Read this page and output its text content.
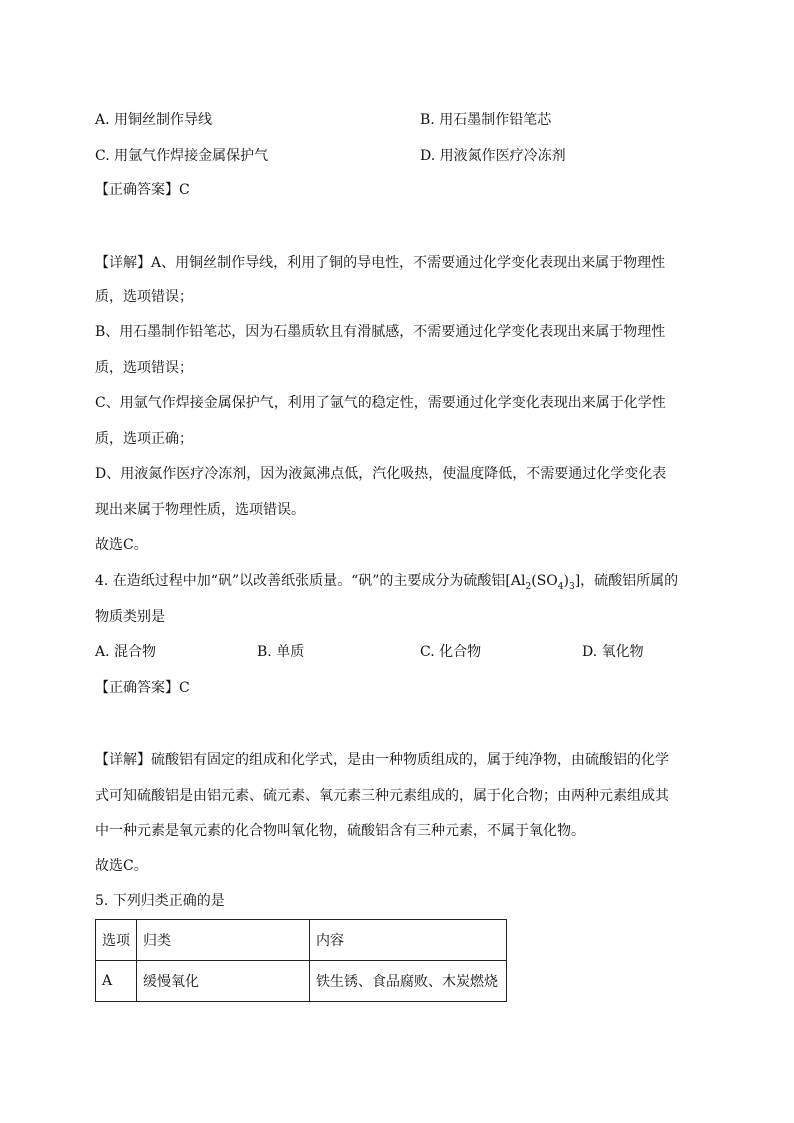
A. 用铜丝制作导线	B. 用石墨制作铅笔芯
C. 用氩气作焊接金属保护气	D. 用液氮作医疗冷冻剂
【正确答案】C
【详解】A、用铜丝制作导线，利用了铜的导电性，不需要通过化学变化表现出来属于物理性
质，选项错误；
B、用石墨制作铅笔芯，因为石墨质软且有滑腻感，不需要通过化学变化表现出来属于物理性
质，选项错误；
C、用氩气作焊接金属保护气，利用了氩气的稳定性，需要通过化学变化表现出来属于化学性
质，选项正确；
D、用液氮作医疗冷冻剂，因为液氮沸点低，汽化吸热，使温度降低，不需要通过化学变化表
现出来属于物理性质，选项错误。
故选C。
4. 在造纸过程中加“矾”以改善纸张质量。“矾”的主要成分为硫酸铝$[Al_2(SO_4)_3]$，硫酸铝所属的
物质类别是
A. 混合物	B. 单质	C. 化合物	D. 氧化物
【正确答案】C
【详解】硫酸铝有固定的组成和化学式，是由一种物质组成的，属于纯净物，由硫酸铝的化学
式可知硫酸铝是由铝元素、硫元素、氧元素三种元素组成的，属于化合物；由两种元素组成其
中一种元素是氧元素的化合物叫氧化物，硫酸铝含有三种元素，不属于氧化物。
故选C。
5. 下列归类正确的是
选项	归类	内容
A	缓慢氧化	铁生锈、食品腐败、木炭燃烧
